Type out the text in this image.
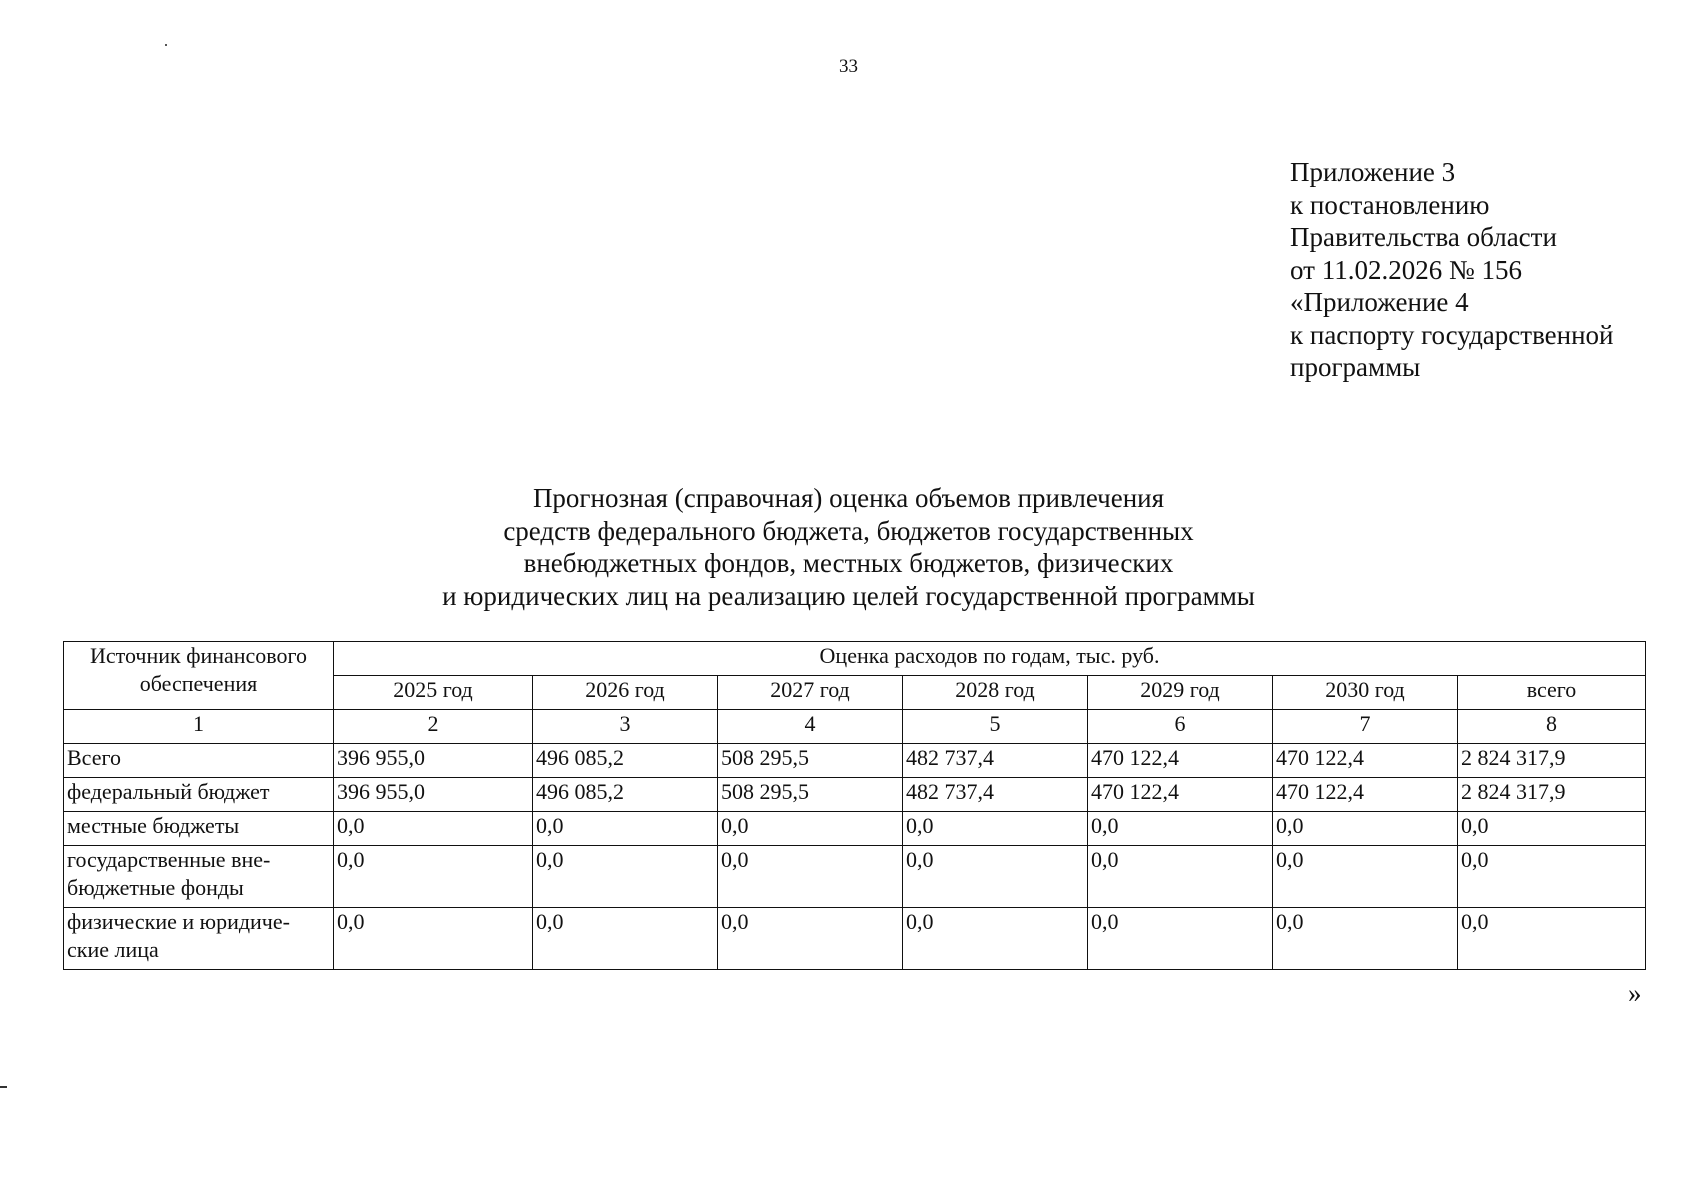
33
Приложение 3
к постановлению
Правительства области
от 11.02.2026 № 156
«Приложение 4
к паспорту государственной
программы
Прогнозная (справочная) оценка объемов привлечения
средств федерального бюджета, бюджетов государственных
внебюджетных фондов, местных бюджетов, физических
и юридических лиц на реализацию целей государственной программы
Источник финансового обеспечения	Оценка расходов по годам, тыс. руб.						
	2025 год	2026 год	2027 год	2028 год	2029 год	2030 год	всего
1	2	3	4	5	6	7	8
Всего	396 955,0	496 085,2	508 295,5	482 737,4	470 122,4	470 122,4	2 824 317,9
федеральный бюджет	396 955,0	496 085,2	508 295,5	482 737,4	470 122,4	470 122,4	2 824 317,9
местные бюджеты	0,0	0,0	0,0	0,0	0,0	0,0	0,0

государственные вне-
бюджетные фонды	0,0	0,0	0,0	0,0	0,0	0,0	0,0

физические и юридиче-
ские лица	0,0	0,0	0,0	0,0	0,0	0,0	0,0
»
